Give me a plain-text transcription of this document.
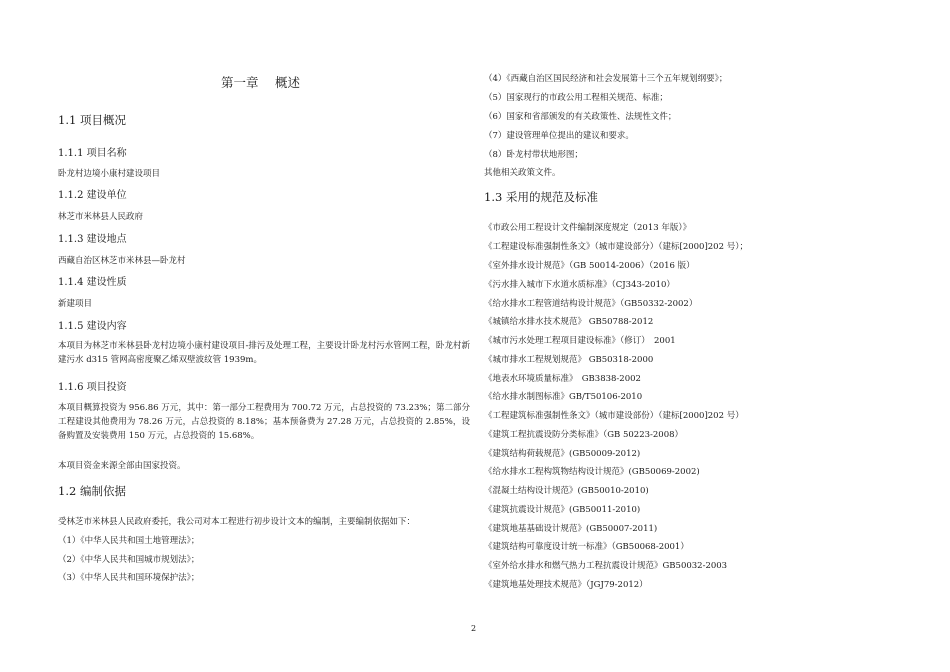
第一章　 概述
1.1 项目概况
1.1.1 项目名称
卧龙村边境小康村建设项目
1.1.2 建设单位
林芝市米林县人民政府
1.1.3 建设地点
西藏自治区林芝市米林县—卧龙村
1.1.4 建设性质
新建项目
1.1.5 建设内容
本项目为林芝市米林县卧龙村边境小康村建设项目-排污及处理工程，主要设计卧龙村污水管网工程，卧龙村新建污水 d315 管网高密度聚乙烯双壁波纹管 1939m。
1.1.6 项目投资
本项目概算投资为 956.86 万元，其中：第一部分工程费用为 700.72 万元，占总投资的 73.23%；第二部分工程建设其他费用为 78.26 万元，占总投资的 8.18%；基本预备费为 27.28 万元，占总投资的 2.85%，设备购置及安装费用 150 万元，占总投资的 15.68%。
本项目资金来源全部由国家投资。
1.2 编制依据
受林芝市米林县人民政府委托，我公司对本工程进行初步设计文本的编制，主要编制依据如下：
（1）《中华人民共和国土地管理法》；
（2）《中华人民共和国城市规划法》；
（3）《中华人民共和国环境保护法》；
（4）《西藏自治区国民经济和社会发展第十三个五年规划纲要》；
（5）国家现行的市政公用工程相关规范、标准；
（6）国家和省部颁发的有关政策性、法规性文件；
（7）建设管理单位提出的建议和要求。
（8）卧龙村带状地形图；
其他相关政策文件。
1.3 采用的规范及标准
《市政公用工程设计文件编制深度规定（2013 年版）》
《工程建设标准强制性条文》（城市建设部分）（建标[2000]202 号）；
《室外排水设计规范》（GB 50014-2006）（2016 版）
《污水排入城市下水道水质标准》（CJ343-2010）
《给水排水工程管道结构设计规范》（GB50332-2002）
《城镇给水排水技术规范》 GB50788-2012
《城市污水处理工程项目建设标准》（修订）　2001
《城市排水工程规划规范》 GB50318-2000
《地表水环境质量标准》　GB3838-2002
《给水排水制图标准》GB/T50106-2010
《工程建筑标准强制性条文》（城市建设部份）（建标[2000]202 号）
《建筑工程抗震设防分类标准》（GB 50223-2008）
《建筑结构荷载规范》(GB50009-2012)
《给水排水工程构筑物结构设计规范》(GB50069-2002)
《混凝土结构设计规范》(GB50010-2010)
《建筑抗震设计规范》(GB50011-2010)
《建筑地基基础设计规范》(GB50007-2011)
《建筑结构可靠度设计统一标准》（GB50068-2001）
《室外给水排水和燃气热力工程抗震设计规范》GB50032-2003
《建筑地基处理技术规范》（JGJ79-2012）
2
